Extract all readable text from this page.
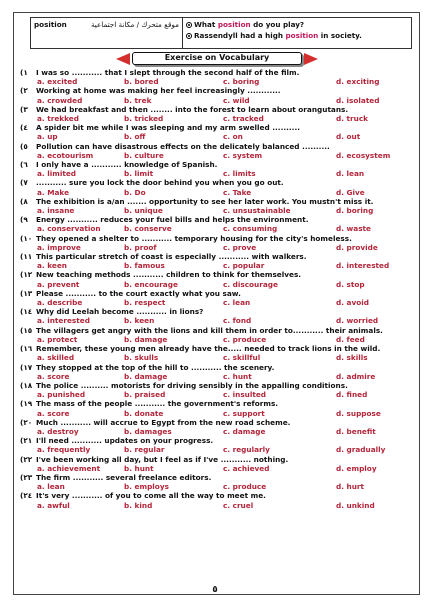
position	موقع متحرك / مكانة اجتماعية	What position do you play?
Rassendyll had a high position in society.
Exercise on Vocabulary
١) I was so ........... that I slept through the second half of the film.
a. excited	b. bored	c. boring	d. exciting
٢) Working at home was making her feel increasingly ............
a. crowded	b. trek	c. wild	d. isolated
٣) We had breakfast and then ........ into the forest to learn about orangutans.
a. trekked	b. tricked	c. tracked	d. truck
٤) A spider bit me while I was sleeping and my arm swelled ..........
a. up	b. off	c. on	d. out
٥) Pollution can have disastrous effects on the delicately balanced ..........
a. ecotourism	b. culture	c. system	d. ecosystem
٦) I only have a ........... knowledge of Spanish.
a. limited	b. limit	c. limits	d. lean
٧) ........... sure you lock the door behind you when you go out.
a. Make	b. Do	c. Take	d. Give
٨) The exhibition is a/an ....... opportunity to see her later work. You mustn't miss it.
a. insane	b. unique	c. unsustainable	d. boring
٩) Energy ........... reduces your fuel bills and helps the environment.
a. conservation	b. conserve	c. consuming	d. waste
١٠) They opened a shelter to ........... temporary housing for the city's homeless.
a. improve	b. proof	c. prove	d. provide
١١) This particular stretch of coast is especially ........... with walkers.
a. keen	b. famous	c. popular	d. interested
١٢) New teaching methods ........... children to think for themselves.
a. prevent	b. encourage	c. discourage	d. stop
١٣) Please ........... to the court exactly what you saw.
a. describe	b. respect	c. lean	d. avoid
١٤) Why did Leelah become ........... in lions?
a. interested	b. keen	c. fond	d. worried
١٥) The villagers get angry with the lions and kill them in order to........... their animals.
a. protect	b. damage	c. produce	d. feed
١٦) Remember, these young men already have the..... needed to track lions in the wild.
a. skilled	b. skulls	c. skillful	d. skills
١٧) They stopped at the top of the hill to ........... the scenery.
a. score	b. damage	c. hunt	d. admire
١٨) The police .......... motorists for driving sensibly in the appalling conditions.
a. punished	b. praised	c. insulted	d. fined
١٩) The mass of the people ........... the government's reforms.
a. score	b. donate	c. support	d. suppose
٢٠) Much ........... will accrue to Egypt from the new road scheme.
a. destroy	b. damages	c. damage	d. benefit
٢١) I'll need ........... updates on your progress.
a. frequently	b. regular	c. regularly	d. gradually
٢٢) I've been working all day, but I feel as if I've ........... nothing.
a. achievement	b. hunt	c. achieved	d. employ
٢٣) The firm ........... several freelance editors.
a. lean	b. employs	c. produce	d. hurt
٢٤) It's very ........... of you to come all the way to meet me.
a. awful	b. kind	c. cruel	d. unkind
٥
